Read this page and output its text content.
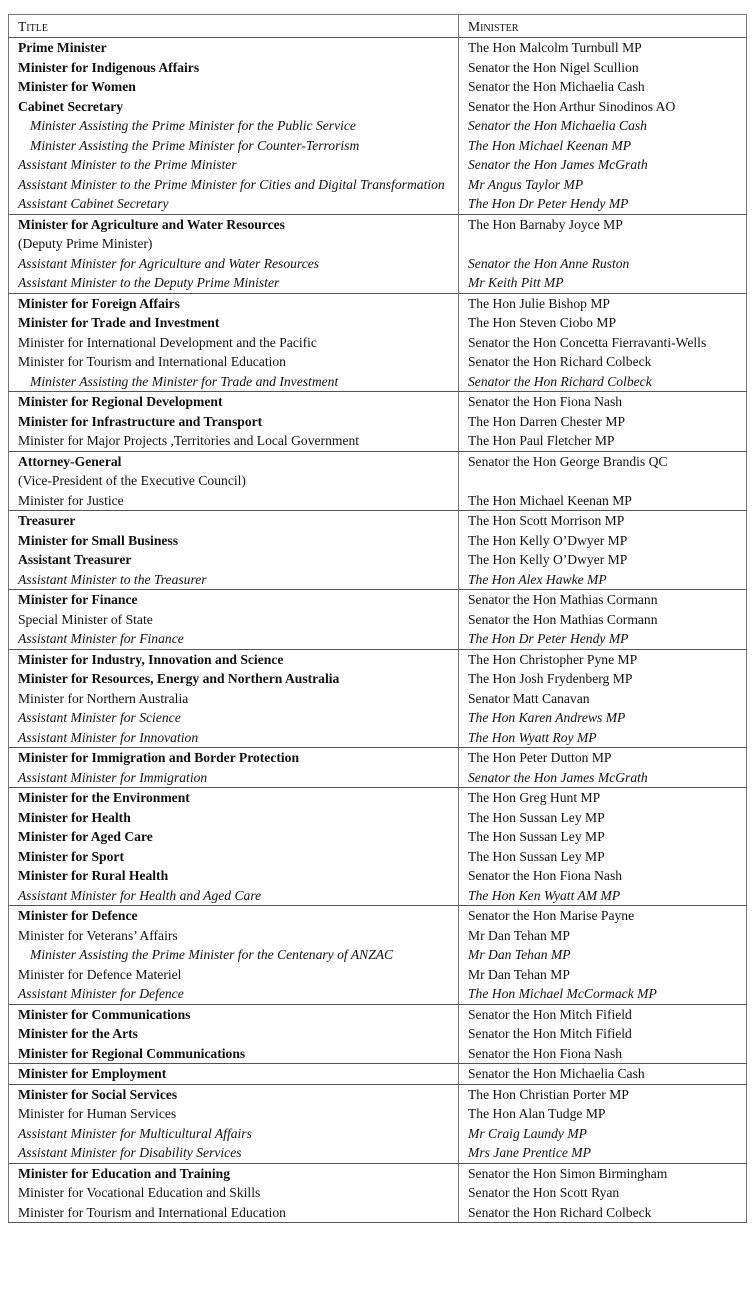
Title	Minister
Prime Minister	The Hon Malcolm Turnbull MP
Minister for Indigenous Affairs	Senator the Hon Nigel Scullion
Minister for Women	Senator the Hon Michaelia Cash
Cabinet Secretary	Senator the Hon Arthur Sinodinos AO
Minister Assisting the Prime Minister for the Public Service	Senator the Hon Michaelia Cash
Minister Assisting the Prime Minister for Counter-Terrorism	The Hon Michael Keenan MP
Assistant Minister to the Prime Minister	Senator the Hon James McGrath
Assistant Minister to the Prime Minister for Cities and Digital Transformation	Mr Angus Taylor MP
Assistant Cabinet Secretary	The Hon Dr Peter Hendy MP
Minister for Agriculture and Water Resources	The Hon Barnaby Joyce MP
(Deputy Prime Minister)	
Assistant Minister for Agriculture and Water Resources	Senator the Hon Anne Ruston
Assistant Minister to the Deputy Prime Minister	Mr Keith Pitt MP
Minister for Foreign Affairs	The Hon Julie Bishop MP
Minister for Trade and Investment	The Hon Steven Ciobo MP
Minister for International Development and the Pacific	Senator the Hon Concetta Fierravanti-Wells
Minister for Tourism and International Education	Senator the Hon Richard Colbeck
Minister Assisting the Minister for Trade and Investment	Senator the Hon Richard Colbeck
Minister for Regional Development	Senator the Hon Fiona Nash
Minister for Infrastructure and Transport	The Hon Darren Chester MP
Minister for Major Projects ,Territories and Local Government	The Hon Paul Fletcher MP
Attorney-General	Senator the Hon George Brandis QC
(Vice-President of the Executive Council)	
Minister for Justice	The Hon Michael Keenan MP
Treasurer	The Hon Scott Morrison MP
Minister for Small Business	The Hon Kelly O’Dwyer MP
Assistant Treasurer	The Hon Kelly O’Dwyer MP
Assistant Minister to the Treasurer	The Hon Alex Hawke MP
Minister for Finance	Senator the Hon Mathias Cormann
Special Minister of State	Senator the Hon Mathias Cormann
Assistant Minister for Finance	The Hon Dr Peter Hendy MP
Minister for Industry, Innovation and Science	The Hon Christopher Pyne MP
Minister for Resources, Energy and Northern Australia	The Hon Josh Frydenberg MP
Minister for Northern Australia	Senator Matt Canavan
Assistant Minister for Science	The Hon Karen Andrews MP
Assistant Minister for Innovation	The Hon Wyatt Roy MP
Minister for Immigration and Border Protection	The Hon Peter Dutton MP
Assistant Minister for Immigration	Senator the Hon James McGrath
Minister for the Environment	The Hon Greg Hunt MP
Minister for Health	The Hon Sussan Ley MP
Minister for Aged Care	The Hon Sussan Ley MP
Minister for Sport	The Hon Sussan Ley MP
Minister for Rural Health	Senator the Hon Fiona Nash
Assistant Minister for Health and Aged Care	The Hon Ken Wyatt AM MP
Minister for Defence	Senator the Hon Marise Payne
Minister for Veterans’ Affairs	Mr Dan Tehan MP
Minister Assisting the Prime Minister for the Centenary of ANZAC	Mr Dan Tehan MP
Minister for Defence Materiel	Mr Dan Tehan MP
Assistant Minister for Defence	The Hon Michael McCormack MP
Minister for Communications	Senator the Hon Mitch Fifield
Minister for the Arts	Senator the Hon Mitch Fifield
Minister for Regional Communications	Senator the Hon Fiona Nash
Minister for Employment	Senator the Hon Michaelia Cash
Minister for Social Services	The Hon Christian Porter MP
Minister for Human Services	The Hon Alan Tudge MP
Assistant Minister for Multicultural Affairs	Mr Craig Laundy MP
Assistant Minister for Disability Services	Mrs Jane Prentice MP
Minister for Education and Training	Senator the Hon Simon Birmingham
Minister for Vocational Education and Skills	Senator the Hon Scott Ryan
Minister for Tourism and International Education	Senator the Hon Richard Colbeck
